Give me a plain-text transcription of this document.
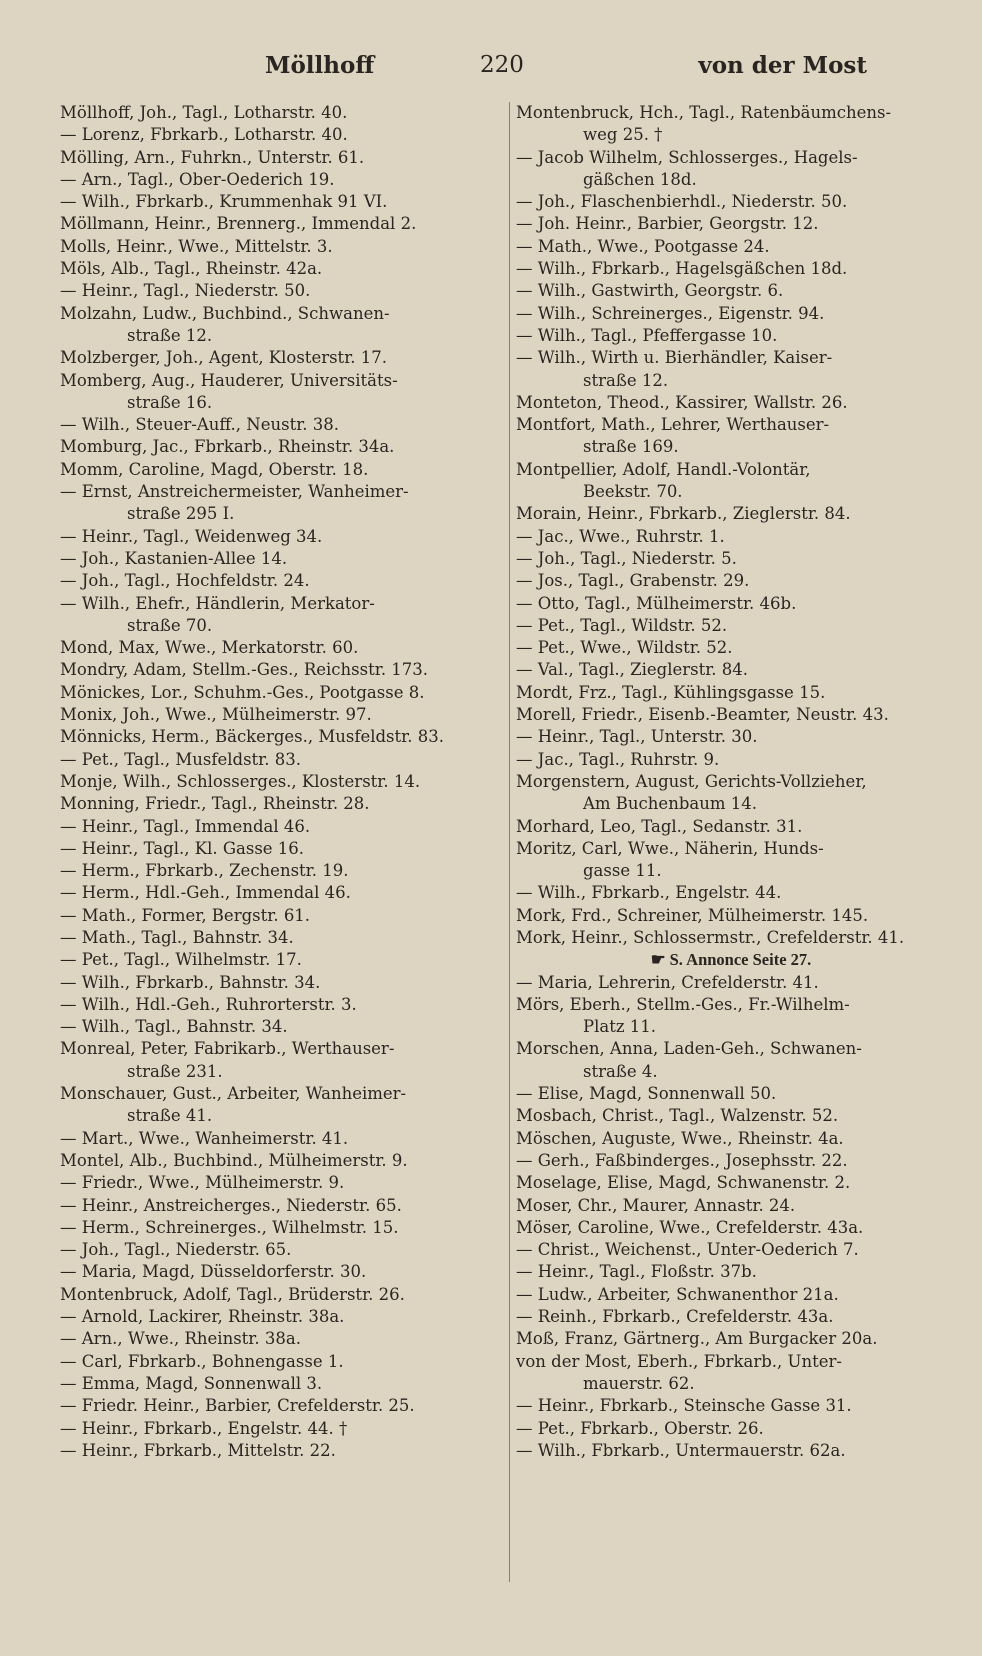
Möllhoff	220	von der Most
Möllhoff, Joh., Tagl., Lotharstr. 40.
— Lorenz, Fbrkarb., Lotharstr. 40.
Mölling, Arn., Fuhrkn., Unterstr. 61.
— Arn., Tagl., Ober-Oederich 19.
— Wilh., Fbrkarb., Krummenhak 91 VI.
Möllmann, Heinr., Brennerg., Immendal 2.
Molls, Heinr., Wwe., Mittelstr. 3.
Möls, Alb., Tagl., Rheinstr. 42a.
— Heinr., Tagl., Niederstr. 50.
Molzahn, Ludw., Buchbind., Schwanen-
straße 12.
Molzberger, Joh., Agent, Klosterstr. 17.
Momberg, Aug., Hauderer, Universitäts-
straße 16.
— Wilh., Steuer-Auff., Neustr. 38.
Momburg, Jac., Fbrkarb., Rheinstr. 34a.
Momm, Caroline, Magd, Oberstr. 18.
— Ernst, Anstreichermeister, Wanheimer-
straße 295 I.
— Heinr., Tagl., Weidenweg 34.
— Joh., Kastanien-Allee 14.
— Joh., Tagl., Hochfeldstr. 24.
— Wilh., Ehefr., Händlerin, Merkator-
straße 70.
Mond, Max, Wwe., Merkatorstr. 60.
Mondry, Adam, Stellm.-Ges., Reichsstr. 173.
Mönickes, Lor., Schuhm.-Ges., Pootgasse 8.
Monix, Joh., Wwe., Mülheimerstr. 97.
Mönnicks, Herm., Bäckerges., Musfeldstr. 83.
— Pet., Tagl., Musfeldstr. 83.
Monje, Wilh., Schlosserges., Klosterstr. 14.
Monning, Friedr., Tagl., Rheinstr. 28.
— Heinr., Tagl., Immendal 46.
— Heinr., Tagl., Kl. Gasse 16.
— Herm., Fbrkarb., Zechenstr. 19.
— Herm., Hdl.-Geh., Immendal 46.
— Math., Former, Bergstr. 61.
— Math., Tagl., Bahnstr. 34.
— Pet., Tagl., Wilhelmstr. 17.
— Wilh., Fbrkarb., Bahnstr. 34.
— Wilh., Hdl.-Geh., Ruhrorterstr. 3.
— Wilh., Tagl., Bahnstr. 34.
Monreal, Peter, Fabrikarb., Werthauser-
straße 231.
Monschauer, Gust., Arbeiter, Wanheimer-
straße 41.
— Mart., Wwe., Wanheimerstr. 41.
Montel, Alb., Buchbind., Mülheimerstr. 9.
— Friedr., Wwe., Mülheimerstr. 9.
— Heinr., Anstreicherges., Niederstr. 65.
— Herm., Schreinerges., Wilhelmstr. 15.
— Joh., Tagl., Niederstr. 65.
— Maria, Magd, Düsseldorferstr. 30.
Montenbruck, Adolf, Tagl., Brüderstr. 26.
— Arnold, Lackirer, Rheinstr. 38a.
— Arn., Wwe., Rheinstr. 38a.
— Carl, Fbrkarb., Bohnengasse 1.
— Emma, Magd, Sonnenwall 3.
— Friedr. Heinr., Barbier, Crefelderstr. 25.
— Heinr., Fbrkarb., Engelstr. 44. †
— Heinr., Fbrkarb., Mittelstr. 22.
Montenbruck, Hch., Tagl., Ratenbäumchens-
weg 25. †
— Jacob Wilhelm, Schlosserges., Hagels-
gäßchen 18d.
— Joh., Flaschenbierhdl., Niederstr. 50.
— Joh. Heinr., Barbier, Georgstr. 12.
— Math., Wwe., Pootgasse 24.
— Wilh., Fbrkarb., Hagelsgäßchen 18d.
— Wilh., Gastwirth, Georgstr. 6.
— Wilh., Schreinerges., Eigenstr. 94.
— Wilh., Tagl., Pfeffergasse 10.
— Wilh., Wirth u. Bierhändler, Kaiser-
straße 12.
Monteton, Theod., Kassirer, Wallstr. 26.
Montfort, Math., Lehrer, Werthauser-
straße 169.
Montpellier, Adolf, Handl.-Volontär,
Beekstr. 70.
Morain, Heinr., Fbrkarb., Zieglerstr. 84.
— Jac., Wwe., Ruhrstr. 1.
— Joh., Tagl., Niederstr. 5.
— Jos., Tagl., Grabenstr. 29.
— Otto, Tagl., Mülheimerstr. 46b.
— Pet., Tagl., Wildstr. 52.
— Pet., Wwe., Wildstr. 52.
— Val., Tagl., Zieglerstr. 84.
Mordt, Frz., Tagl., Kühlingsgasse 15.
Morell, Friedr., Eisenb.-Beamter, Neustr. 43.
— Heinr., Tagl., Unterstr. 30.
— Jac., Tagl., Ruhrstr. 9.
Morgenstern, August, Gerichts-Vollzieher,
Am Buchenbaum 14.
Morhard, Leo, Tagl., Sedanstr. 31.
Moritz, Carl, Wwe., Näherin, Hunds-
gasse 11.
— Wilh., Fbrkarb., Engelstr. 44.
Mork, Frd., Schreiner, Mülheimerstr. 145.
Mork, Heinr., Schlossermstr., Crefelderstr. 41.
☛ S. Annonce Seite 27.
— Maria, Lehrerin, Crefelderstr. 41.
Mörs, Eberh., Stellm.-Ges., Fr.-Wilhelm-
Platz 11.
Morschen, Anna, Laden-Geh., Schwanen-
straße 4.
— Elise, Magd, Sonnenwall 50.
Mosbach, Christ., Tagl., Walzenstr. 52.
Möschen, Auguste, Wwe., Rheinstr. 4a.
— Gerh., Faßbinderges., Josephsstr. 22.
Moselage, Elise, Magd, Schwanenstr. 2.
Moser, Chr., Maurer, Annastr. 24.
Möser, Caroline, Wwe., Crefelderstr. 43a.
— Christ., Weichenst., Unter-Oederich 7.
— Heinr., Tagl., Floßstr. 37b.
— Ludw., Arbeiter, Schwanenthor 21a.
— Reinh., Fbrkarb., Crefelderstr. 43a.
Moß, Franz, Gärtnerg., Am Burgacker 20a.
von der Most, Eberh., Fbrkarb., Unter-
mauerstr. 62.
— Heinr., Fbrkarb., Steinsche Gasse 31.
— Pet., Fbrkarb., Oberstr. 26.
— Wilh., Fbrkarb., Untermauerstr. 62a.
